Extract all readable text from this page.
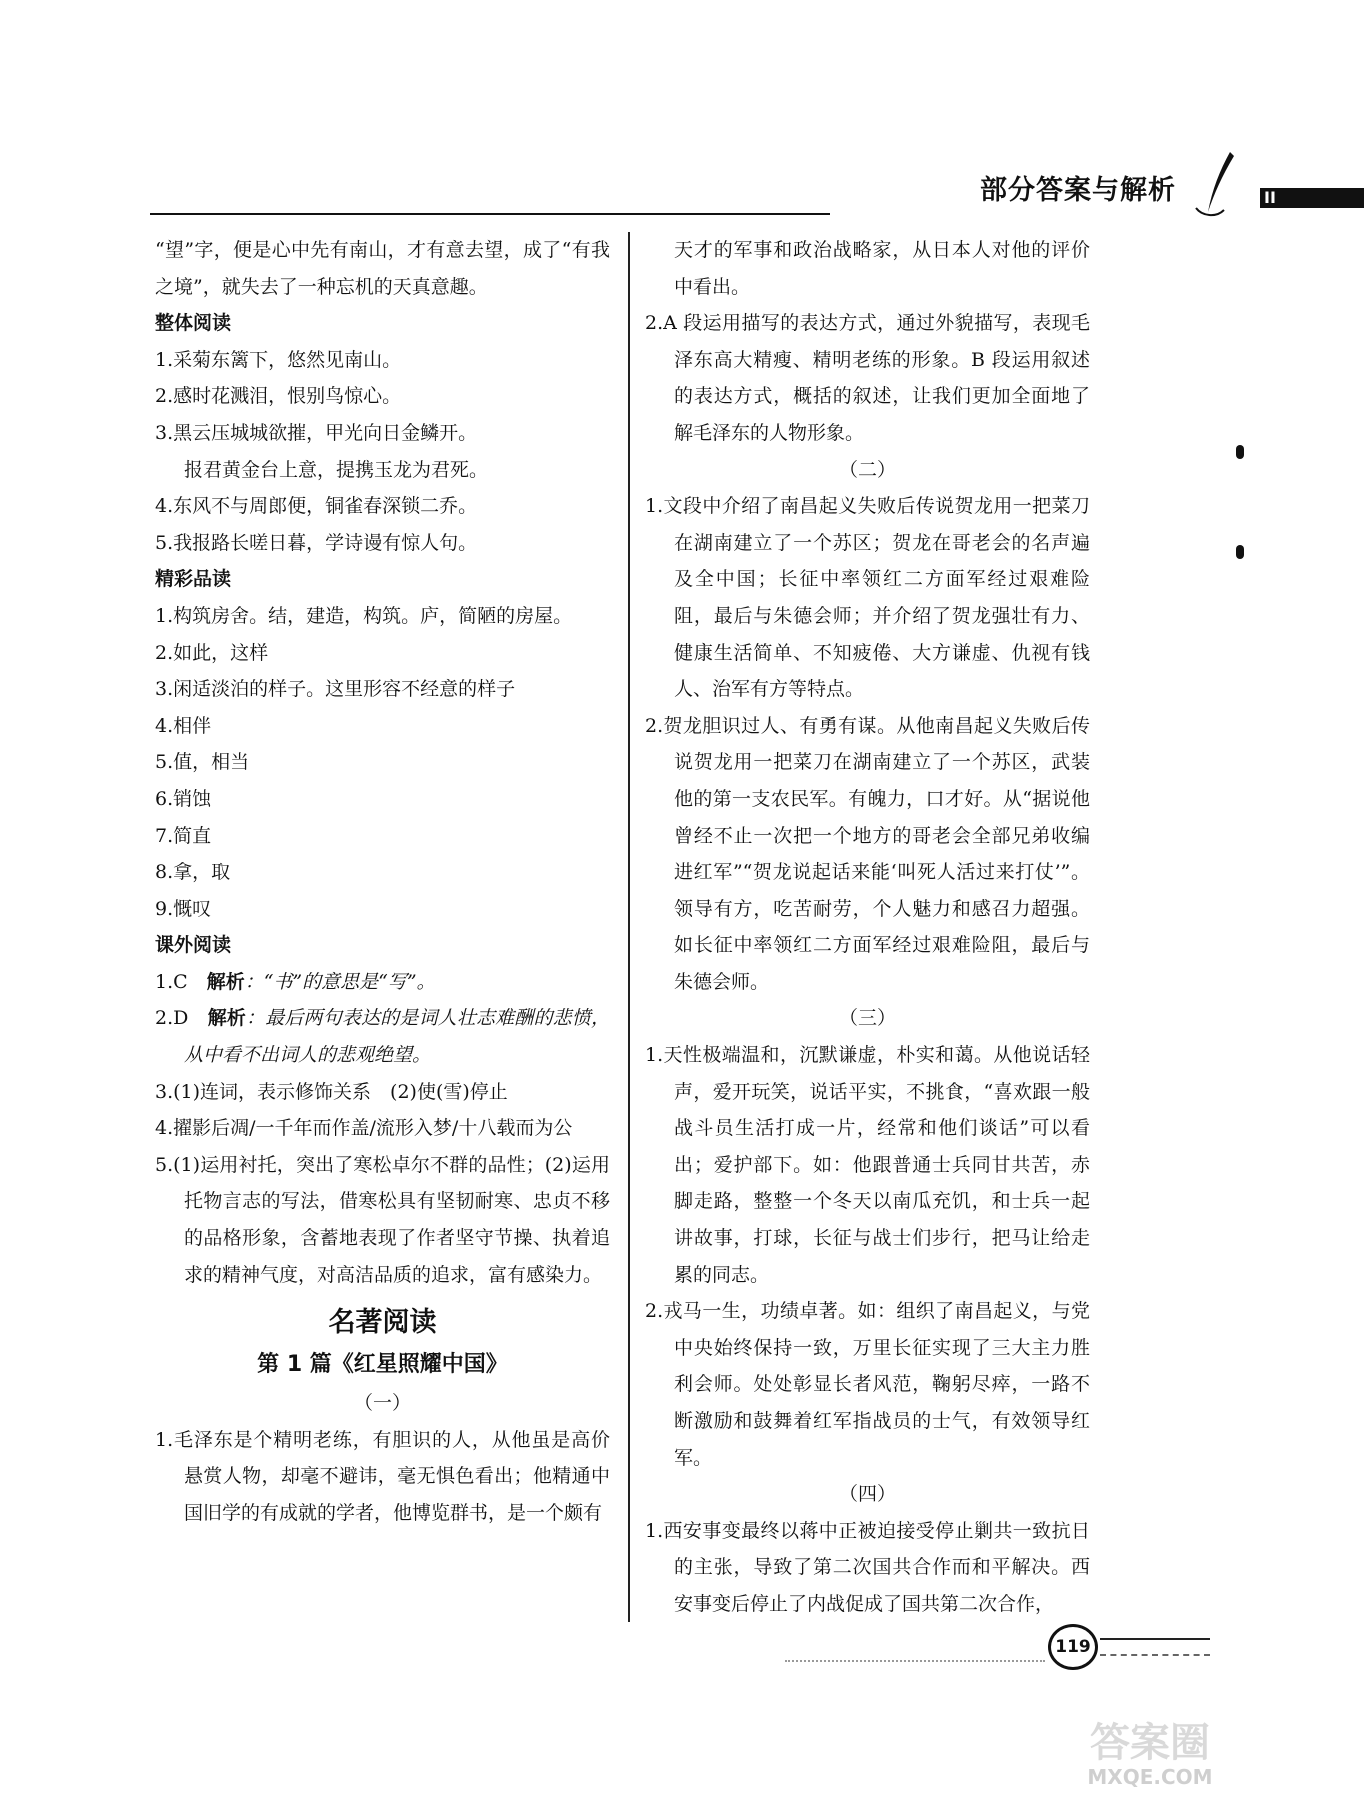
部分答案与解析	II

“望”字，便是心中先有南山，才有意去望，成了“有我之境”，就失去了一种忘机的天真意趣。

整体阅读

1.采菊东篱下，悠然见南山。

2.感时花溅泪，恨别鸟惊心。

3.黑云压城城欲摧，甲光向日金鳞开。

报君黄金台上意，提携玉龙为君死。

4.东风不与周郎便，铜雀春深锁二乔。

5.我报路长嗟日暮，学诗谩有惊人句。

精彩品读

1.构筑房舍。结，建造，构筑。庐，简陋的房屋。

2.如此，这样

3.闲适淡泊的样子。这里形容不经意的样子

4.相伴

5.值，相当

6.销蚀

7.简直

8.拿，取

9.慨叹

课外阅读

1.C　 解析：“书”的意思是“写”。

2.D　 解析：最后两句表达的是词人壮志难酬的悲愤，从中看不出词人的悲观绝望。

3.(1)连词，表示修饰关系　(2)使(雪)停止

4.擢影后凋/一千年而作盖/流形入梦/十八载而为公

5.(1)运用衬托，突出了寒松卓尔不群的品性；(2)运用托物言志的写法，借寒松具有坚韧耐寒、忠贞不移的品格形象，含蓄地表现了作者坚守节操、执着追求的精神气度，对高洁品质的追求，富有感染力。

名著阅读

第 1 篇《红星照耀中国》

（一）

1.毛泽东是个精明老练，有胆识的人，从他虽是高价悬赏人物，却毫不避讳，毫无惧色看出；他精通中国旧学的有成就的学者，他博览群书，是一个颇有

天才的军事和政治战略家，从日本人对他的评价中看出。

2.A 段运用描写的表达方式，通过外貌描写，表现毛泽东高大精瘦、精明老练的形象。B 段运用叙述的表达方式，概括的叙述，让我们更加全面地了解毛泽东的人物形象。

（二）

1.文段中介绍了南昌起义失败后传说贺龙用一把菜刀在湖南建立了一个苏区；贺龙在哥老会的名声遍及全中国；长征中率领红二方面军经过艰难险阻，最后与朱德会师；并介绍了贺龙强壮有力、健康生活简单、不知疲倦、大方谦虚、仇视有钱人、治军有方等特点。

2.贺龙胆识过人、有勇有谋。从他南昌起义失败后传说贺龙用一把菜刀在湖南建立了一个苏区，武装他的第一支农民军。有魄力，口才好。从“据说他曾经不止一次把一个地方的哥老会全部兄弟收编进红军”“贺龙说起话来能‘叫死人活过来打仗’”。领导有方，吃苦耐劳，个人魅力和感召力超强。如长征中率领红二方面军经过艰难险阻，最后与朱德会师。

（三）

1.天性极端温和，沉默谦虚，朴实和蔼。从他说话轻声，爱开玩笑，说话平实，不挑食，“喜欢跟一般战斗员生活打成一片，经常和他们谈话”可以看出；爱护部下。如：他跟普通士兵同甘共苦，赤脚走路，整整一个冬天以南瓜充饥，和士兵一起讲故事，打球，长征与战士们步行，把马让给走累的同志。

2.戎马一生，功绩卓著。如：组织了南昌起义，与党中央始终保持一致，万里长征实现了三大主力胜利会师。处处彰显长者风范，鞠躬尽瘁，一路不断激励和鼓舞着红军指战员的士气，有效领导红军。

（四）

1.西安事变最终以蒋中正被迫接受停止剿共一致抗日的主张，导致了第二次国共合作而和平解决。西安事变后停止了内战促成了国共第二次合作，

119
答案圈
MXQE.COM
